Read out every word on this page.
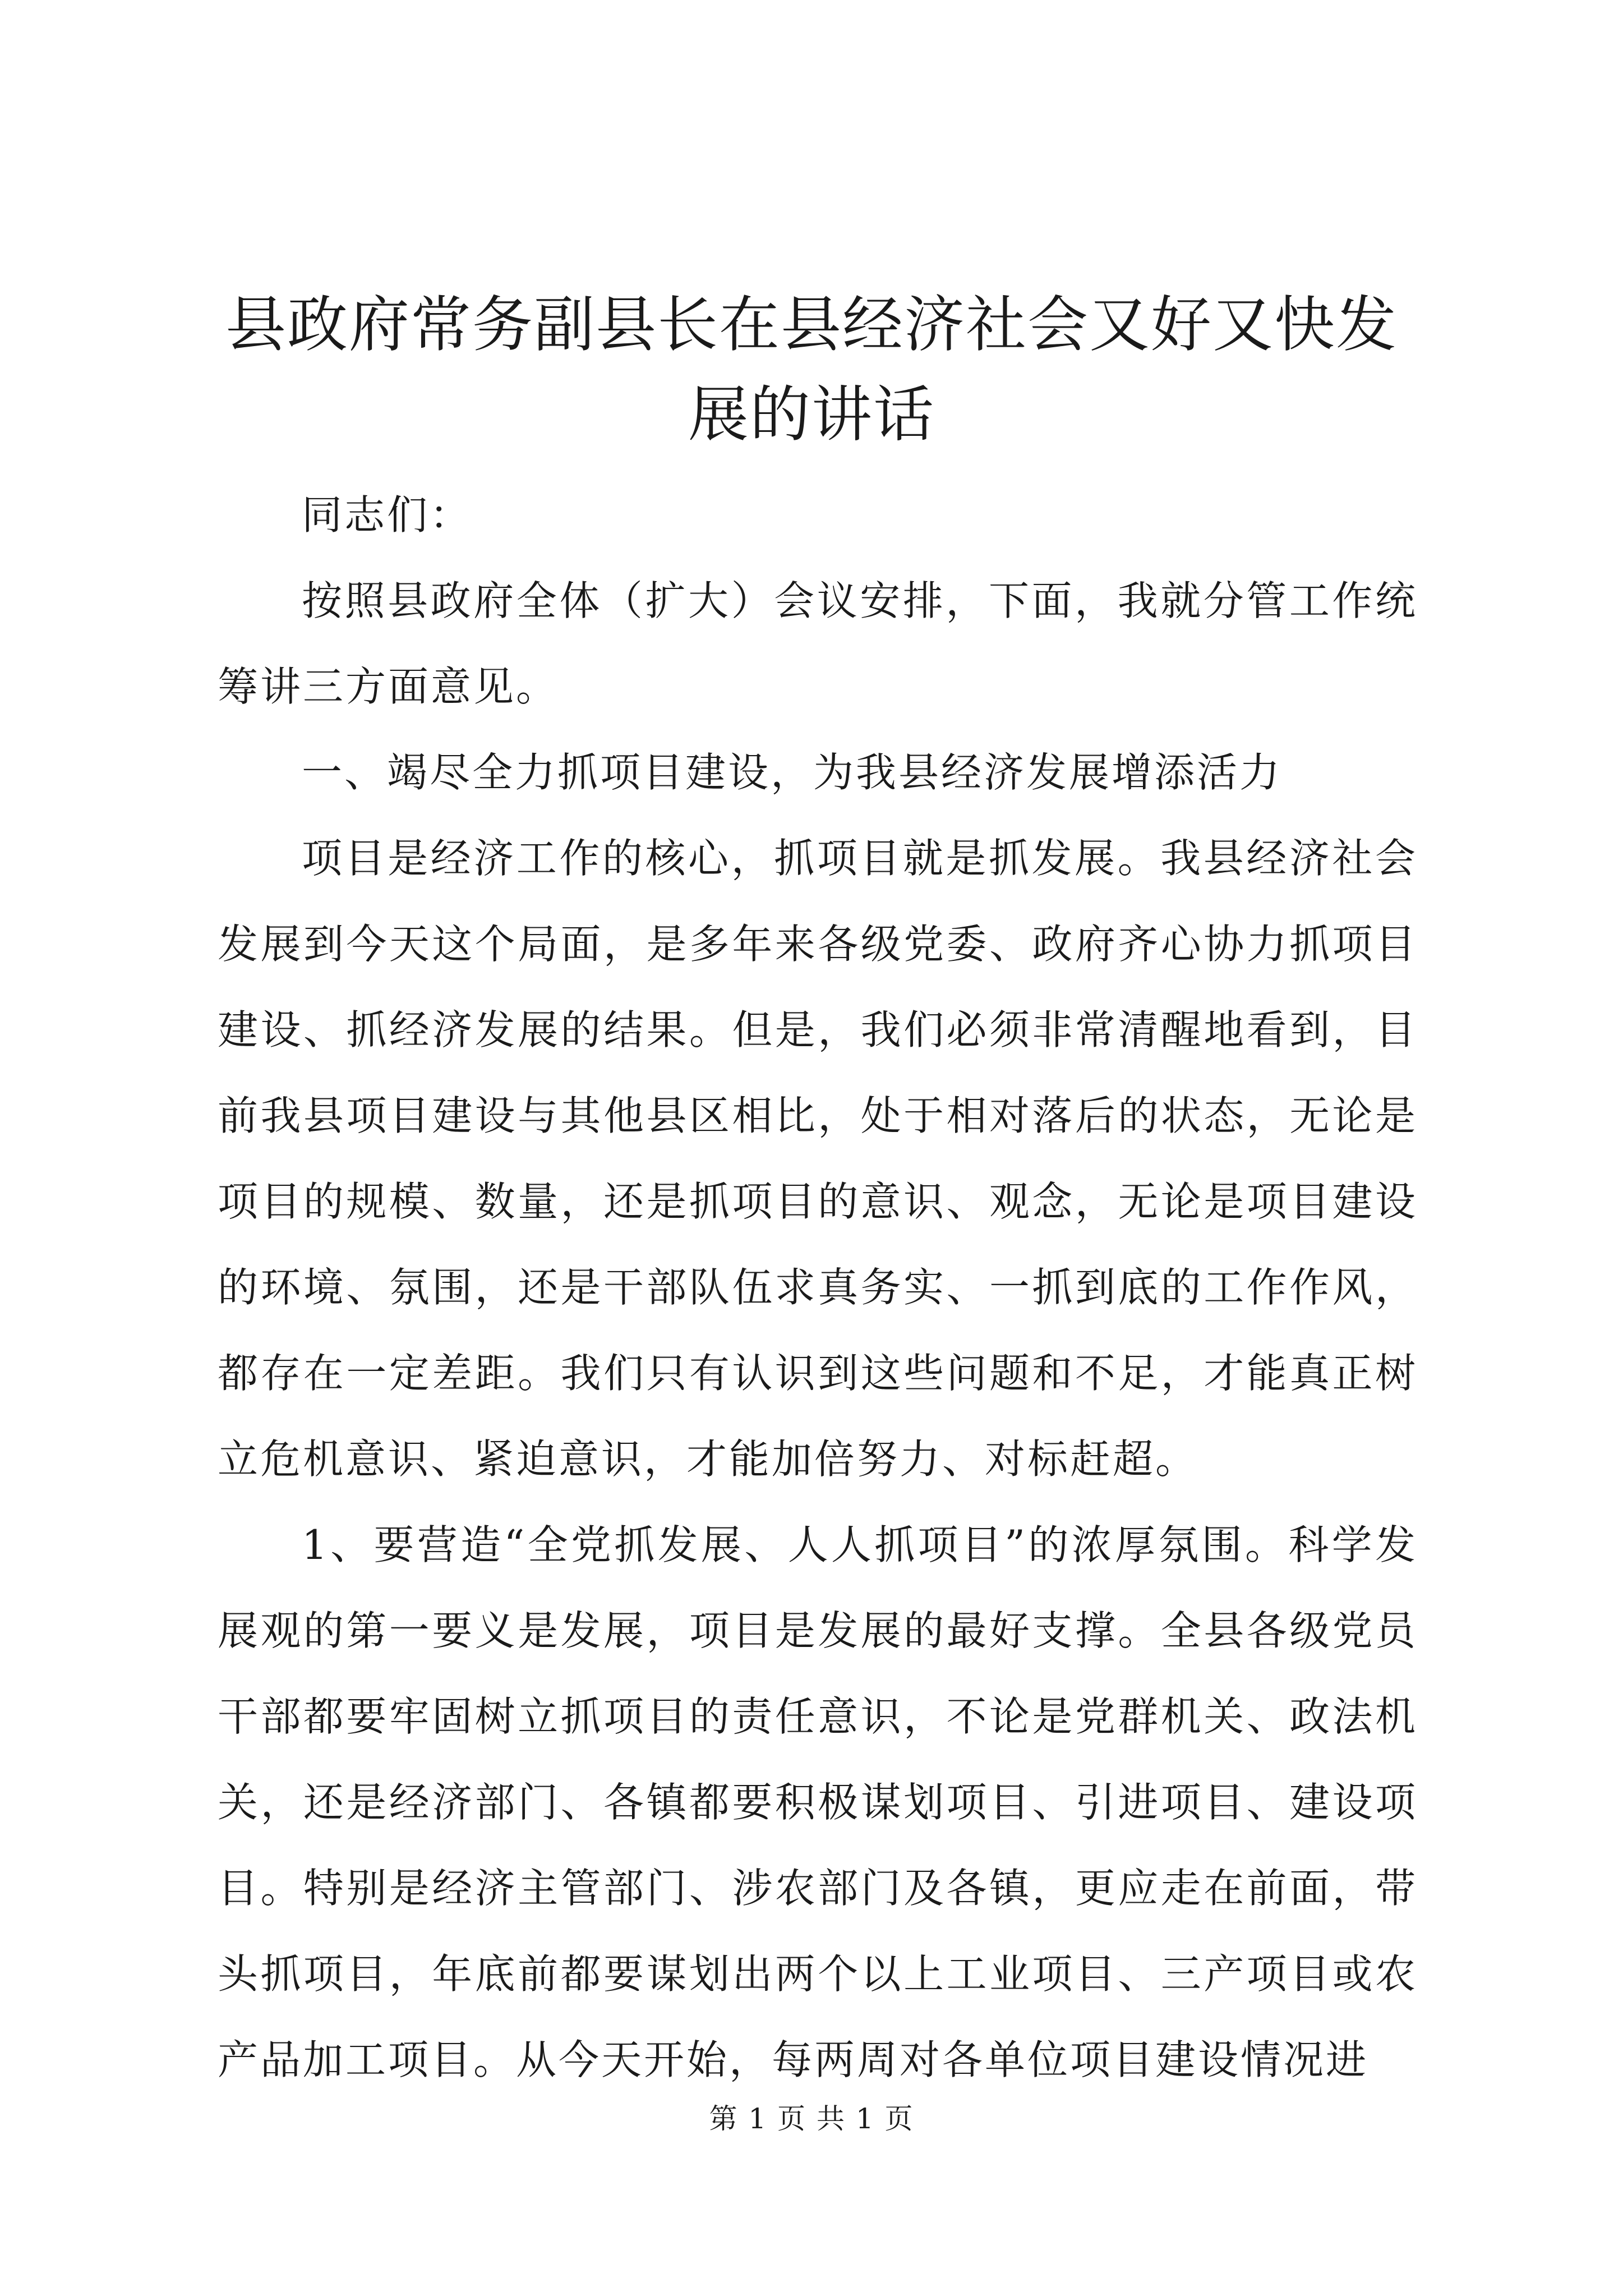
县政府常务副县长在县经济社会又好又快发展的讲话

同志们：

按照县政府全体（扩大）会议安排，下面，我就分管工作统筹讲三方面意见。

一、竭尽全力抓项目建设，为我县经济发展增添活力

项目是经济工作的核心，抓项目就是抓发展。我县经济社会发展到今天这个局面，是多年来各级党委、政府齐心协力抓项目建设、抓经济发展的结果。但是，我们必须非常清醒地看到，目前我县项目建设与其他县区相比，处于相对落后的状态，无论是项目的规模、数量，还是抓项目的意识、观念，无论是项目建设的环境、氛围，还是干部队伍求真务实、一抓到底的工作作风，都存在一定差距。我们只有认识到这些问题和不足，才能真正树立危机意识、紧迫意识，才能加倍努力、对标赶超。

1、要营造“全党抓发展、人人抓项目”的浓厚氛围。科学发展观的第一要义是发展，项目是发展的最好支撑。全县各级党员干部都要牢固树立抓项目的责任意识，不论是党群机关、政法机关，还是经济部门、各镇都要积极谋划项目、引进项目、建设项目。特别是经济主管部门、涉农部门及各镇，更应走在前面，带头抓项目，年底前都要谋划出两个以上工业项目、三产项目或农产品加工项目。从今天开始，每两周对各单位项目建设情况进

第 1 页 共 1 页
